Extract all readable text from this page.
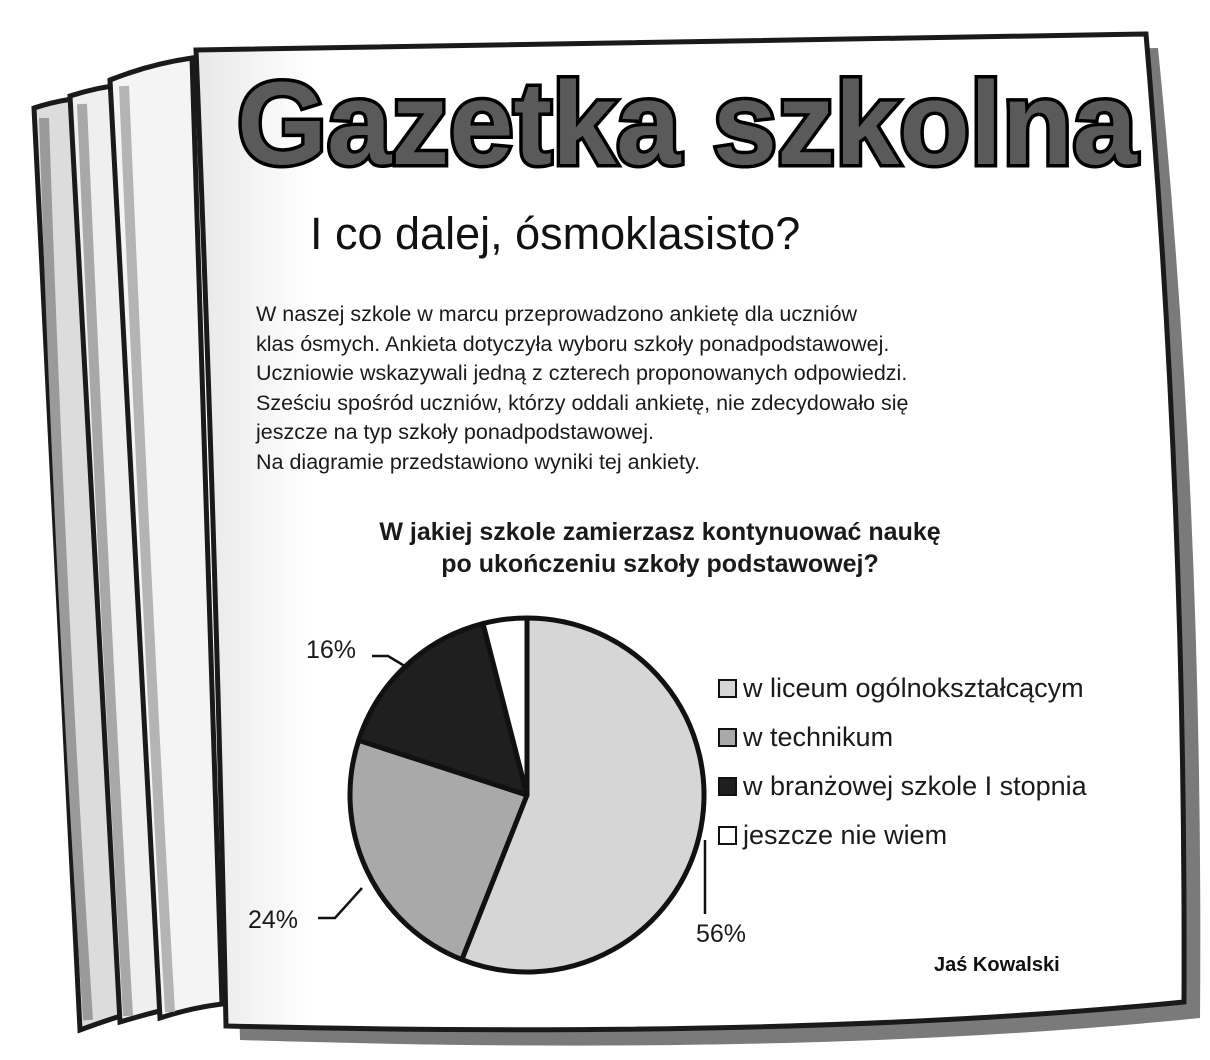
Gazetka szkolna
I co dalej, ósmoklasisto?
W naszej szkole w marcu przeprowadzono ankietę dla uczniów
klas ósmych. Ankieta dotyczyła wyboru szkoły ponadpodstawowej.
Uczniowie wskazywali jedną z czterech proponowanych odpowiedzi.
Sześciu spośród uczniów, którzy oddali ankietę, nie zdecydowało się
jeszcze na typ szkoły ponadpodstawowej.
Na diagramie przedstawiono wyniki tej ankiety.
W jakiej szkole zamierzasz kontynuować naukę
po ukończeniu szkoły podstawowej?
56%
24%
16%
w liceum ogólnokształcącym
w technikum
w branżowej szkole I stopnia
jeszcze nie wiem
Jaś Kowalski
